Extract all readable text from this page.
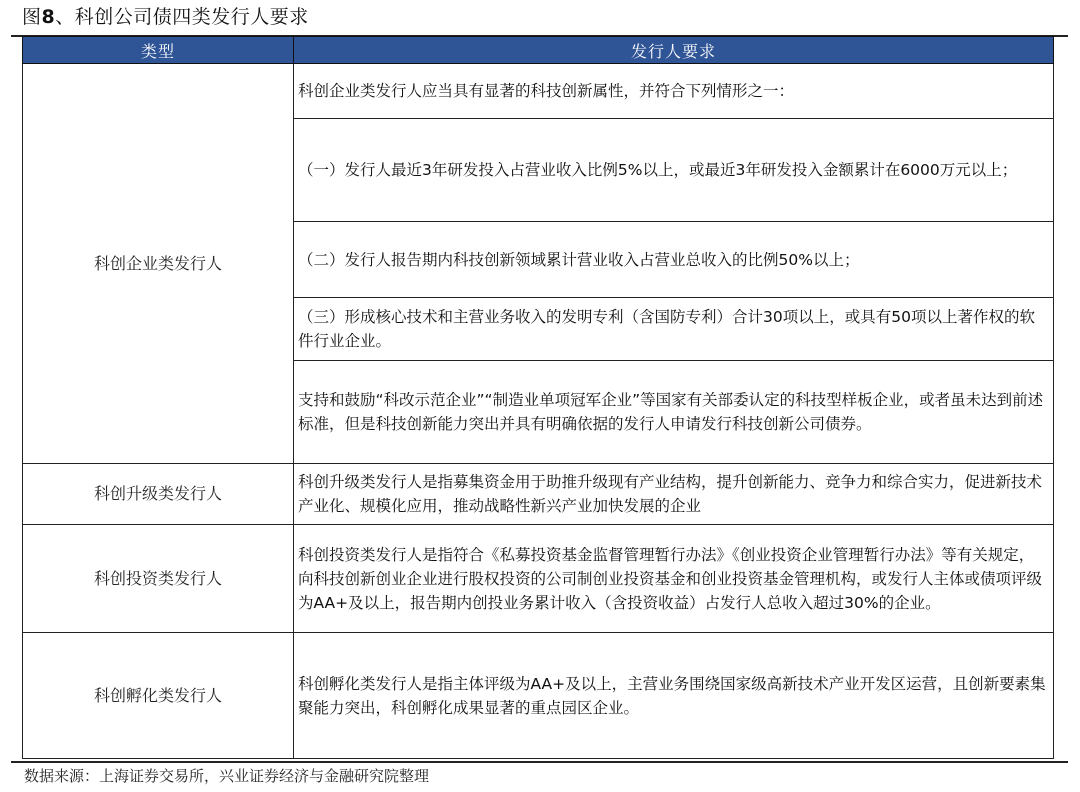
图8、科创公司债四类发行人要求
类型	发行人要求
科创企业类发行人	科创企业类发行人应当具有显著的科技创新属性，并符合下列情形之一：
	（一）发行人最近3年研发投入占营业收入比例5%以上，或最近3年研发投入金额累计在6000万元以上；
	（二）发行人报告期内科技创新领域累计营业收入占营业总收入的比例50%以上；
	（三）形成核心技术和主营业务收入的发明专利（含国防专利）合计30项以上，或具有50项以上著作权的软件行业企业。
	支持和鼓励“科改示范企业”“制造业单项冠军企业”等国家有关部委认定的科技型样板企业，或者虽未达到前述标准，但是科技创新能力突出并具有明确依据的发行人申请发行科技创新公司债券。
科创升级类发行人	科创升级类发行人是指募集资金用于助推升级现有产业结构，提升创新能力、竞争力和综合实力，促进新技术产业化、规模化应用，推动战略性新兴产业加快发展的企业
科创投资类发行人	科创投资类发行人是指符合《私募投资基金监督管理暂行办法》《创业投资企业管理暂行办法》等有关规定，向科技创新创业企业进行股权投资的公司制创业投资基金和创业投资基金管理机构，或发行人主体或债项评级为AA+及以上，报告期内创投业务累计收入（含投资收益）占发行人总收入超过30%的企业。
科创孵化类发行人	科创孵化类发行人是指主体评级为AA+及以上，主营业务围绕国家级高新技术产业开发区运营，且创新要素集聚能力突出，科创孵化成果显著的重点园区企业。
数据来源：上海证券交易所，兴业证券经济与金融研究院整理
